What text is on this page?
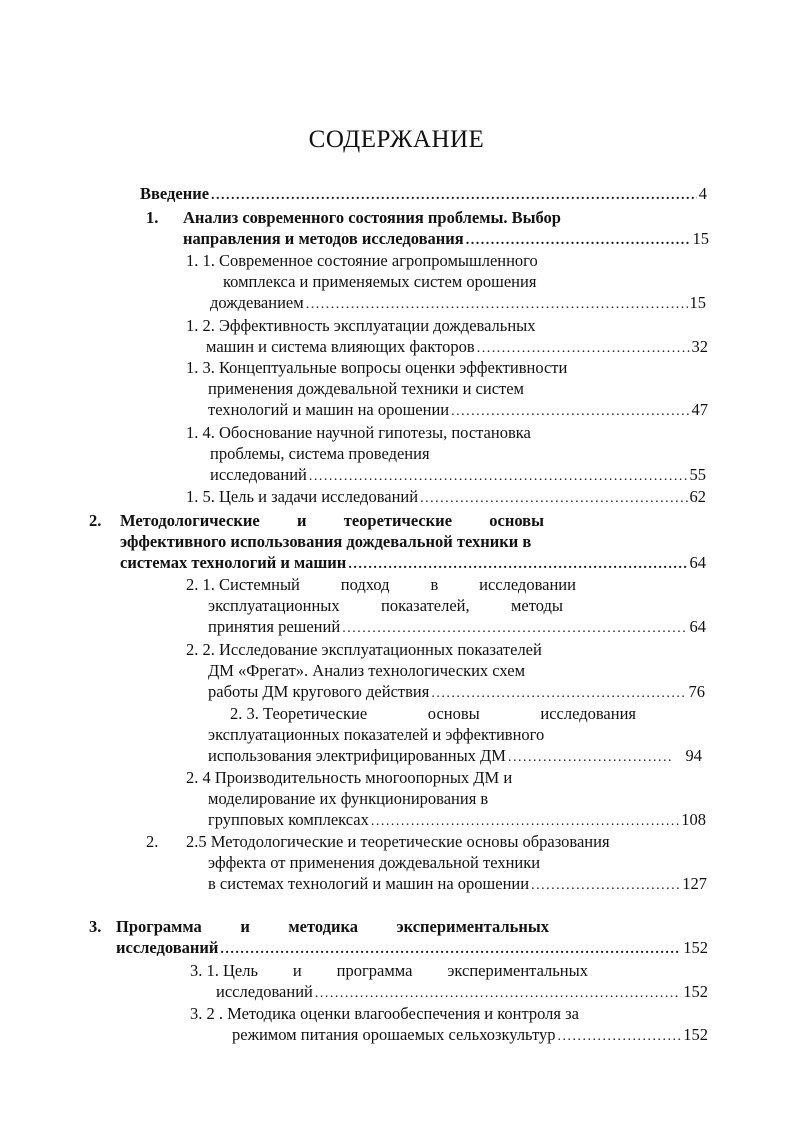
СОДЕРЖАНИЕ
Введение . . .	4
1. Анализ современного состояния проблемы. Выбор
направления и методов исследования . . .	15
1. 1. Современное состояние агропромышленного
комплекса и применяемых систем орошения
дождеванием . . .	15
1. 2. Эффективность эксплуатации дождевальных
машин и система влияющих факторов . . .	32
1. 3. Концептуальные вопросы оценки эффективности
применения дождевальной техники и систем
технологий и машин на орошении . . .	47
1. 4. Обоснование научной гипотезы, постановка
проблемы, система проведения
исследований . . .	55
1. 5. Цель и задачи исследований . . .	62
2. Методологические и теоретические основы
эффективного использования дождевальной техники в
системах технологий и машин . . .	64
2. 1. Системный подход в исследовании
эксплуатационных	показателей,	методы
принятия решений . . .	64
2. 2. Исследование эксплуатационных показателей
ДМ «Фрегат». Анализ технологических схем
работы ДМ кругового действия . . .	76
2. 3. Теоретические	основы	исследования
эксплуатационных показателей и эффективного
использования электрифицированных ДМ . . .	94
2. 4 Производительность многоопорных ДМ и
моделирование их функционирования в
групповых комплексах . . .	108
2. 2.5 Методологические и теоретические основы образования
эффекта от применения дождевальной техники
в системах технологий и машин на орошении . . .	127
3. Программа и методика экспериментальных
исследований . . .	152
3. 1. Цель и программа экспериментальных
исследований . . .	152
3. 2 . Методика оценки влагообеспечения и контроля за
режимом питания орошаемых сельхозкультур . . .	152
